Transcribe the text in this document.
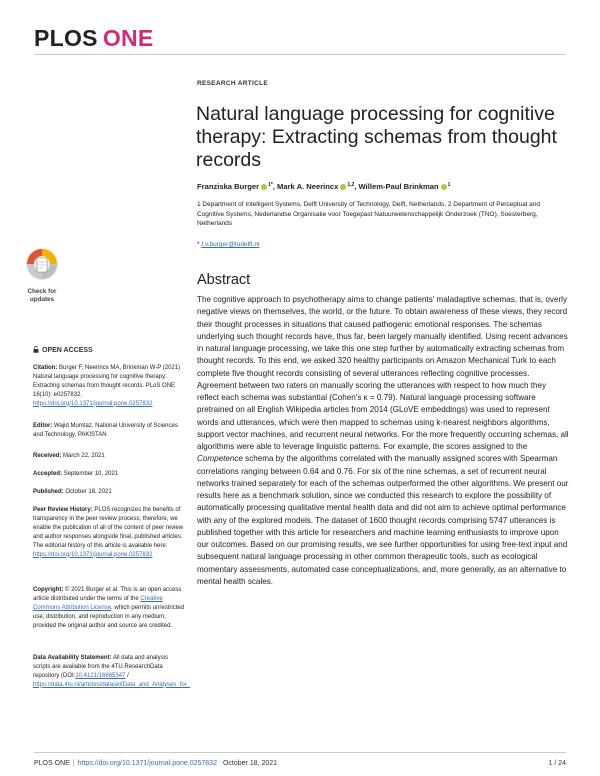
PLOS ONE
RESEARCH ARTICLE
Natural language processing for cognitive therapy: Extracting schemas from thought records
Franziska Burger $^{1*}$, Mark A. Neerincx $^{1,2}$, Willem-Paul Brinkman $^1$
1 Department of Intelligent Systems, Delft University of Technology, Delft, Netherlands, 2 Department of Perceptual and Cognitive Systems, Nederlandse Organisatie voor Toegepast Natuurwetenschappelijk Onderzoek (TNO), Soesterberg, Netherlands
* f.v.burger@tudelft.nl
Abstract

The cognitive approach to psychotherapy aims to change patients' maladaptive schemas, that is, overly negative views on themselves, the world, or the future. To obtain awareness of these views, they record their thought processes in situations that caused pathogenic emotional responses. The schemas underlying such thought records have, thus far, been largely manually identified. Using recent advances in natural language processing, we take this one step further by automatically extracting schemas from thought records. To this end, we asked 320 healthy participants on Amazon Mechanical Turk to each complete five thought records consisting of several utterances reflecting cognitive processes. Agreement between two raters on manually scoring the utterances with respect to how much they reflect each schema was substantial (Cohen's κ = 0.79). Natural language processing software pretrained on all English Wikipedia articles from 2014 (GLoVE embeddings) was used to represent words and utterances, which were then mapped to schemas using k-nearest neighbors algorithms, support vector machines, and recurrent neural networks. For the more frequently occurring schemas, all algorithms were able to leverage linguistic patterns. For example, the scores assigned to the Competence schema by the algorithms correlated with the manually assigned scores with Spearman correlations ranging between 0.64 and 0.76. For six of the nine schemas, a set of recurrent neural networks trained separately for each of the schemas outperformed the other algorithms. We present our results here as a benchmark solution, since we conducted this research to explore the possibility of automatically processing qualitative mental health data and did not aim to achieve optimal performance with any of the explored models. The dataset of 1600 thought records comprising 5747 utterances is published together with this article for researchers and machine learning enthusiasts to improve upon our outcomes. Based on our promising results, we see further opportunities for using free-text input and subsequent natural language processing in other common therapeutic tools, such as ecological momentary assessments, automated case conceptualizations, and, more generally, as an alternative to mental health scales.

Check for
updates
OPEN ACCESS
Citation: Burger F, Neerincx MA, Brinkman W-P (2021) Natural language processing for cognitive therapy: Extracting schemas from thought records. PLoS ONE 16(10): e0257832. https://doi.org/10.1371/journal.pone.0257832
Editor: Wajid Mumtaz, National University of Sciences and Technology, PAKISTAN
Received: March 22, 2021
Accepted: September 10, 2021
Published: October 18, 2021
Peer Review History: PLOS recognizes the benefits of transparency in the peer review process; therefore, we enable the publication of all of the content of peer review and author responses alongside final, published articles. The editorial history of this article is available here: https://doi.org/10.1371/journal.pone.0257832
Copyright: © 2021 Burger et al. This is an open access article distributed under the terms of the Creative Commons Attribution License, which permits unrestricted use, distribution, and reproduction in any medium, provided the original author and source are credited.
Data Availability Statement: All data and analysis scripts are available from the 4TU.ResearchData repository (DOI:10.4121/16685347 / https://data.4tu.nl/articles/dataset/Data_and_Analyses_for_
PLOS ONE | https://doi.org/10.1371/journal.pone.0257832 October 18, 2021	1 / 24
